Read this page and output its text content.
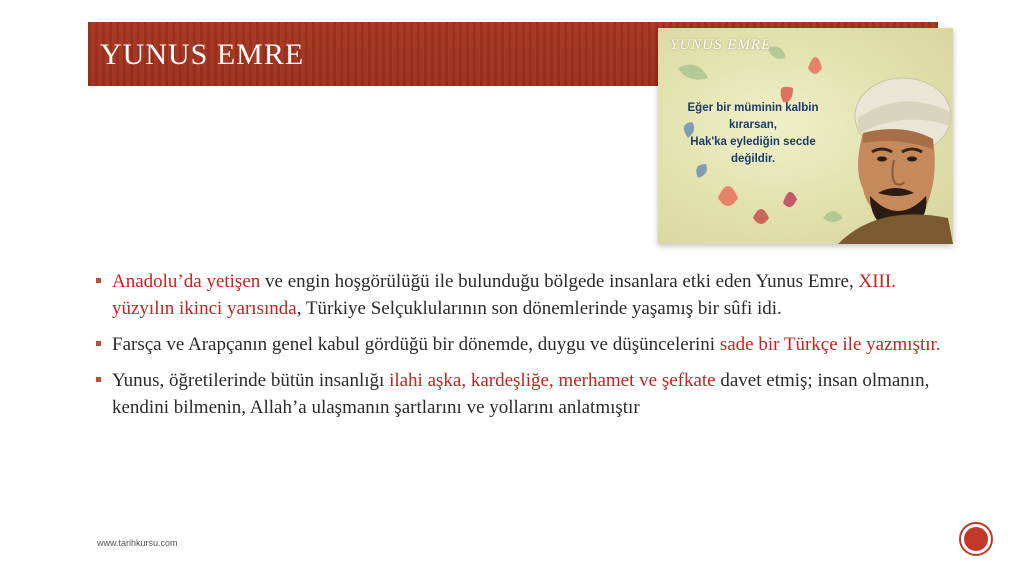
YUNUS EMRE	YUNUS EMRE
Eğer bir müminin kalbin
kırarsan,
Hak'ka eylediğin secde
değildir.
Anadolu’da yetişen ve engin hoşgörülüğü ile bulunduğu bölgede insanlara etki eden Yunus Emre, XIII. yüzyılın ikinci yarısında, Türkiye Selçuklularının son dönemlerinde yaşamış bir sûfi idi.
Farsça ve Arapçanın genel kabul gördüğü bir dönemde, duygu ve düşüncelerini sade bir Türkçe ile yazmıştır.
Yunus, öğretilerinde bütün insanlığı ilahi aşka, kardeşliğe, merhamet ve şefkate davet etmiş; insan olmanın, kendini bilmenin, Allah’a ulaşmanın şartlarını ve yollarını anlatmıştır
www.tarihkursu.com
